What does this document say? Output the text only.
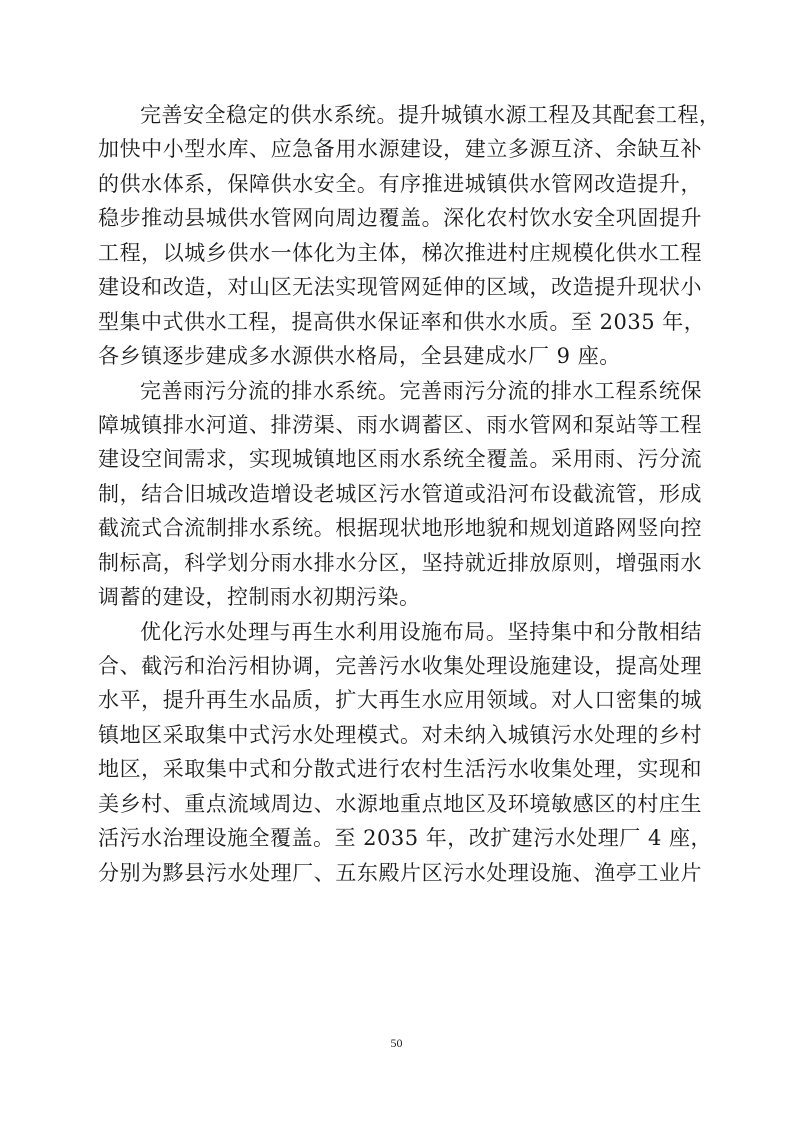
完善安全稳定的供水系统。提升城镇水源工程及其配套工程，
加快中小型水库、应急备用水源建设，建立多源互济、余缺互补
的供水体系，保障供水安全。有序推进城镇供水管网改造提升，
稳步推动县城供水管网向周边覆盖。深化农村饮水安全巩固提升
工程，以城乡供水一体化为主体，梯次推进村庄规模化供水工程
建设和改造，对山区无法实现管网延伸的区域，改造提升现状小
型集中式供水工程，提高供水保证率和供水水质。至 2035 年，
各乡镇逐步建成多水源供水格局，全县建成水厂 9 座。
完善雨污分流的排水系统。完善雨污分流的排水工程系统保
障城镇排水河道、排涝渠、雨水调蓄区、雨水管网和泵站等工程
建设空间需求，实现城镇地区雨水系统全覆盖。采用雨、污分流
制，结合旧城改造增设老城区污水管道或沿河布设截流管，形成
截流式合流制排水系统。根据现状地形地貌和规划道路网竖向控
制标高，科学划分雨水排水分区，坚持就近排放原则，增强雨水
调蓄的建设，控制雨水初期污染。
优化污水处理与再生水利用设施布局。坚持集中和分散相结
合、截污和治污相协调，完善污水收集处理设施建设，提高处理
水平，提升再生水品质，扩大再生水应用领域。对人口密集的城
镇地区采取集中式污水处理模式。对未纳入城镇污水处理的乡村
地区，采取集中式和分散式进行农村生活污水收集处理，实现和
美乡村、重点流域周边、水源地重点地区及环境敏感区的村庄生
活污水治理设施全覆盖。至 2035 年，改扩建污水处理厂 4 座，
分别为黟县污水处理厂、五东殿片区污水处理设施、渔亭工业片
50
